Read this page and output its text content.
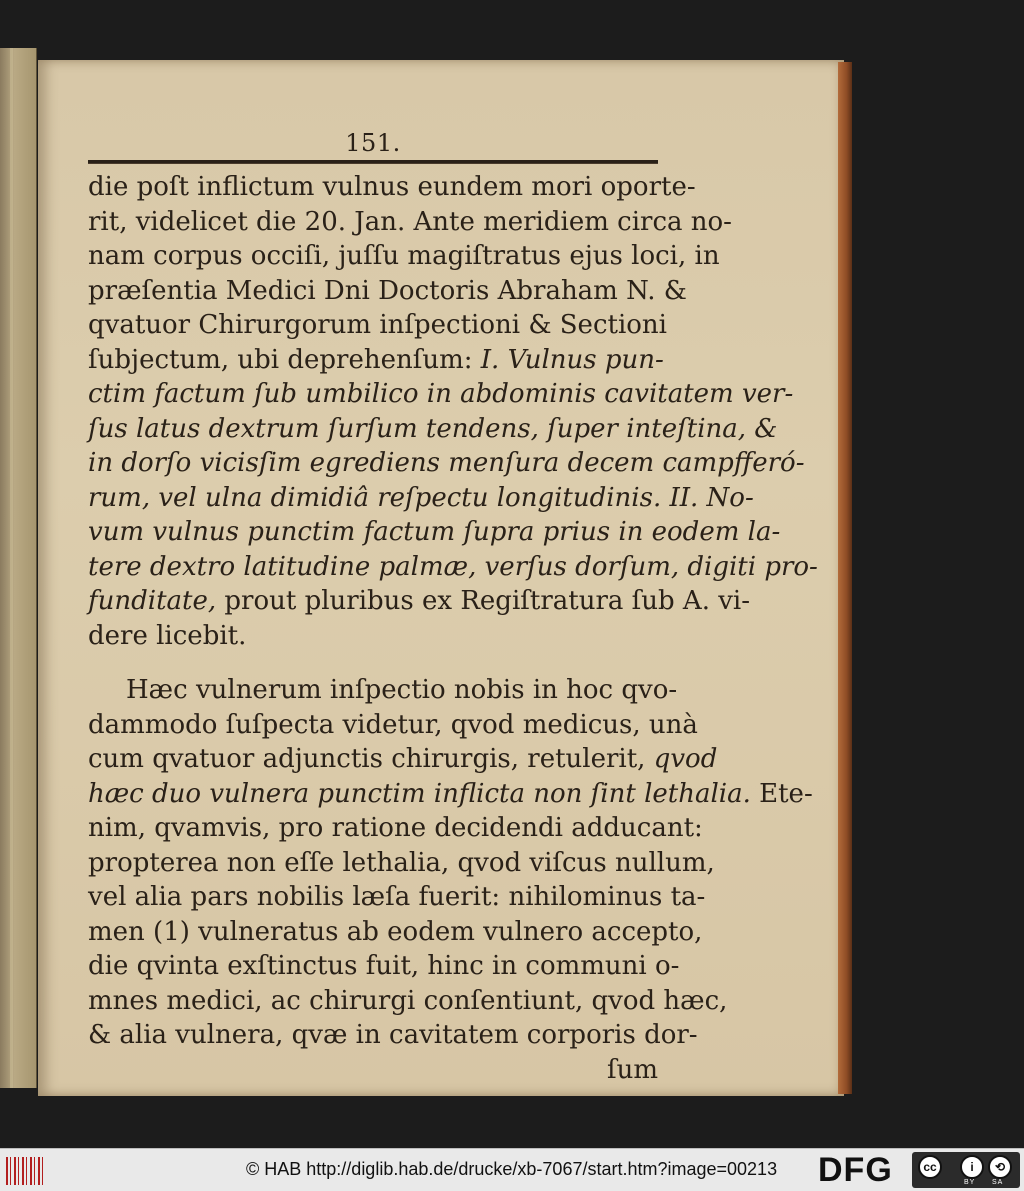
151.
die poſt inflictum vulnus eundem mori oporte-
rit, videlicet die 20. Jan. Ante meridiem circa no-
nam corpus occiſi, juſſu magiſtratus ejus loci, in
præſentia Medici Dni Doctoris Abraham N. &
qvatuor Chirurgorum inſpectioni & Sectioni
ſubjectum, ubi deprehenſum: I. Vulnus pun-
ctim factum ſub umbilico in abdominis cavitatem ver-
ſus latus dextrum ſurſum tendens, ſuper inteſtina, &
in dorſo vicisſim egrediens menſura decem campfferó-
rum, vel ulna dimidiâ reſpectu longitudinis. II. No-
vum vulnus punctim factum ſupra prius in eodem la-
tere dextro latitudine palmæ, verſus dorſum, digiti pro-
funditate, prout pluribus ex Regiſtratura ſub A. vi-
dere licebit.
Hæc vulnerum inſpectio nobis in hoc qvo-
dammodo ſuſpecta videtur, qvod medicus, unà
cum qvatuor adjunctis chirurgis, retulerit, qvod
hæc duo vulnera punctim inflicta non ſint lethalia. Ete-
nim, qvamvis, pro ratione decidendi adducant:
propterea non eſſe lethalia, qvod viſcus nullum,
vel alia pars nobilis læſa fuerit: nihilominus ta-
men (1) vulneratus ab eodem vulnero accepto,
die qvinta exſtinctus fuit, hinc in communi o-
mnes medici, ac chirurgi conſentiunt, qvod hæc,
& alia vulnera, qvæ in cavitatem corporis dor-
ſum
© HAB http://diglib.hab.de/drucke/xb-7067/start.htm?image=00213 DFG	cc	i	⟲
BY SA
